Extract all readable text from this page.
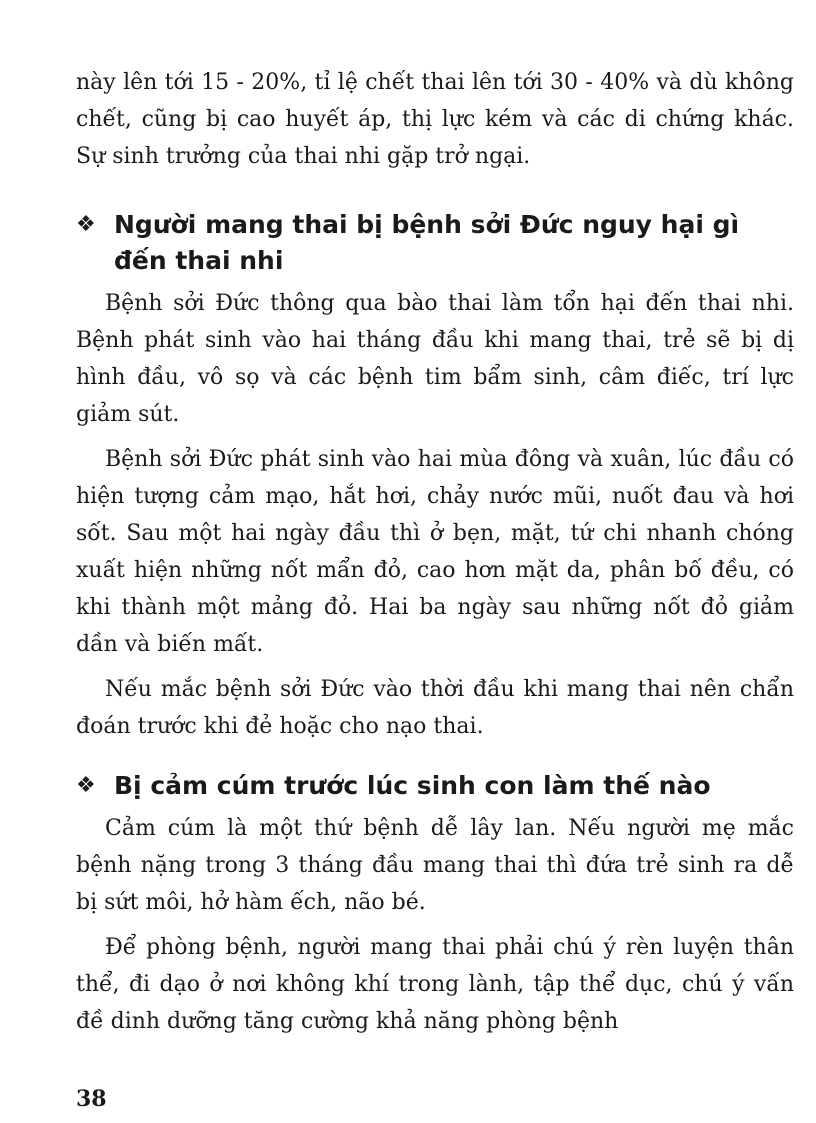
này lên tới 15 - 20%, tỉ lệ chết thai lên tới 30 - 40% và dù không chết, cũng bị cao huyết áp, thị lực kém và các di chứng khác. Sự sinh trưởng của thai nhi gặp trở ngại.

❖ Người mang thai bị bệnh sởi Đức nguy hại gì đến thai nhi

Bệnh sởi Đức thông qua bào thai làm tổn hại đến thai nhi. Bệnh phát sinh vào hai tháng đầu khi mang thai, trẻ sẽ bị dị hình đầu, vô sọ và các bệnh tim bẩm sinh, câm điếc, trí lực giảm sút.

Bệnh sởi Đức phát sinh vào hai mùa đông và xuân, lúc đầu có hiện tượng cảm mạo, hắt hơi, chảy nước mũi, nuốt đau và hơi sốt. Sau một hai ngày đầu thì ở bẹn, mặt, tứ chi nhanh chóng xuất hiện những nốt mẩn đỏ, cao hơn mặt da, phân bố đều, có khi thành một mảng đỏ. Hai ba ngày sau những nốt đỏ giảm dần và biến mất.

Nếu mắc bệnh sởi Đức vào thời đầu khi mang thai nên chẩn đoán trước khi đẻ hoặc cho nạo thai.

❖ Bị cảm cúm trước lúc sinh con làm thế nào

Cảm cúm là một thứ bệnh dễ lây lan. Nếu người mẹ mắc bệnh nặng trong 3 tháng đầu mang thai thì đứa trẻ sinh ra dễ bị sứt môi, hở hàm ếch, não bé.

Để phòng bệnh, người mang thai phải chú ý rèn luyện thân thể, đi dạo ở nơi không khí trong lành, tập thể dục, chú ý vấn đề dinh dưỡng tăng cường khả năng phòng bệnh

38
